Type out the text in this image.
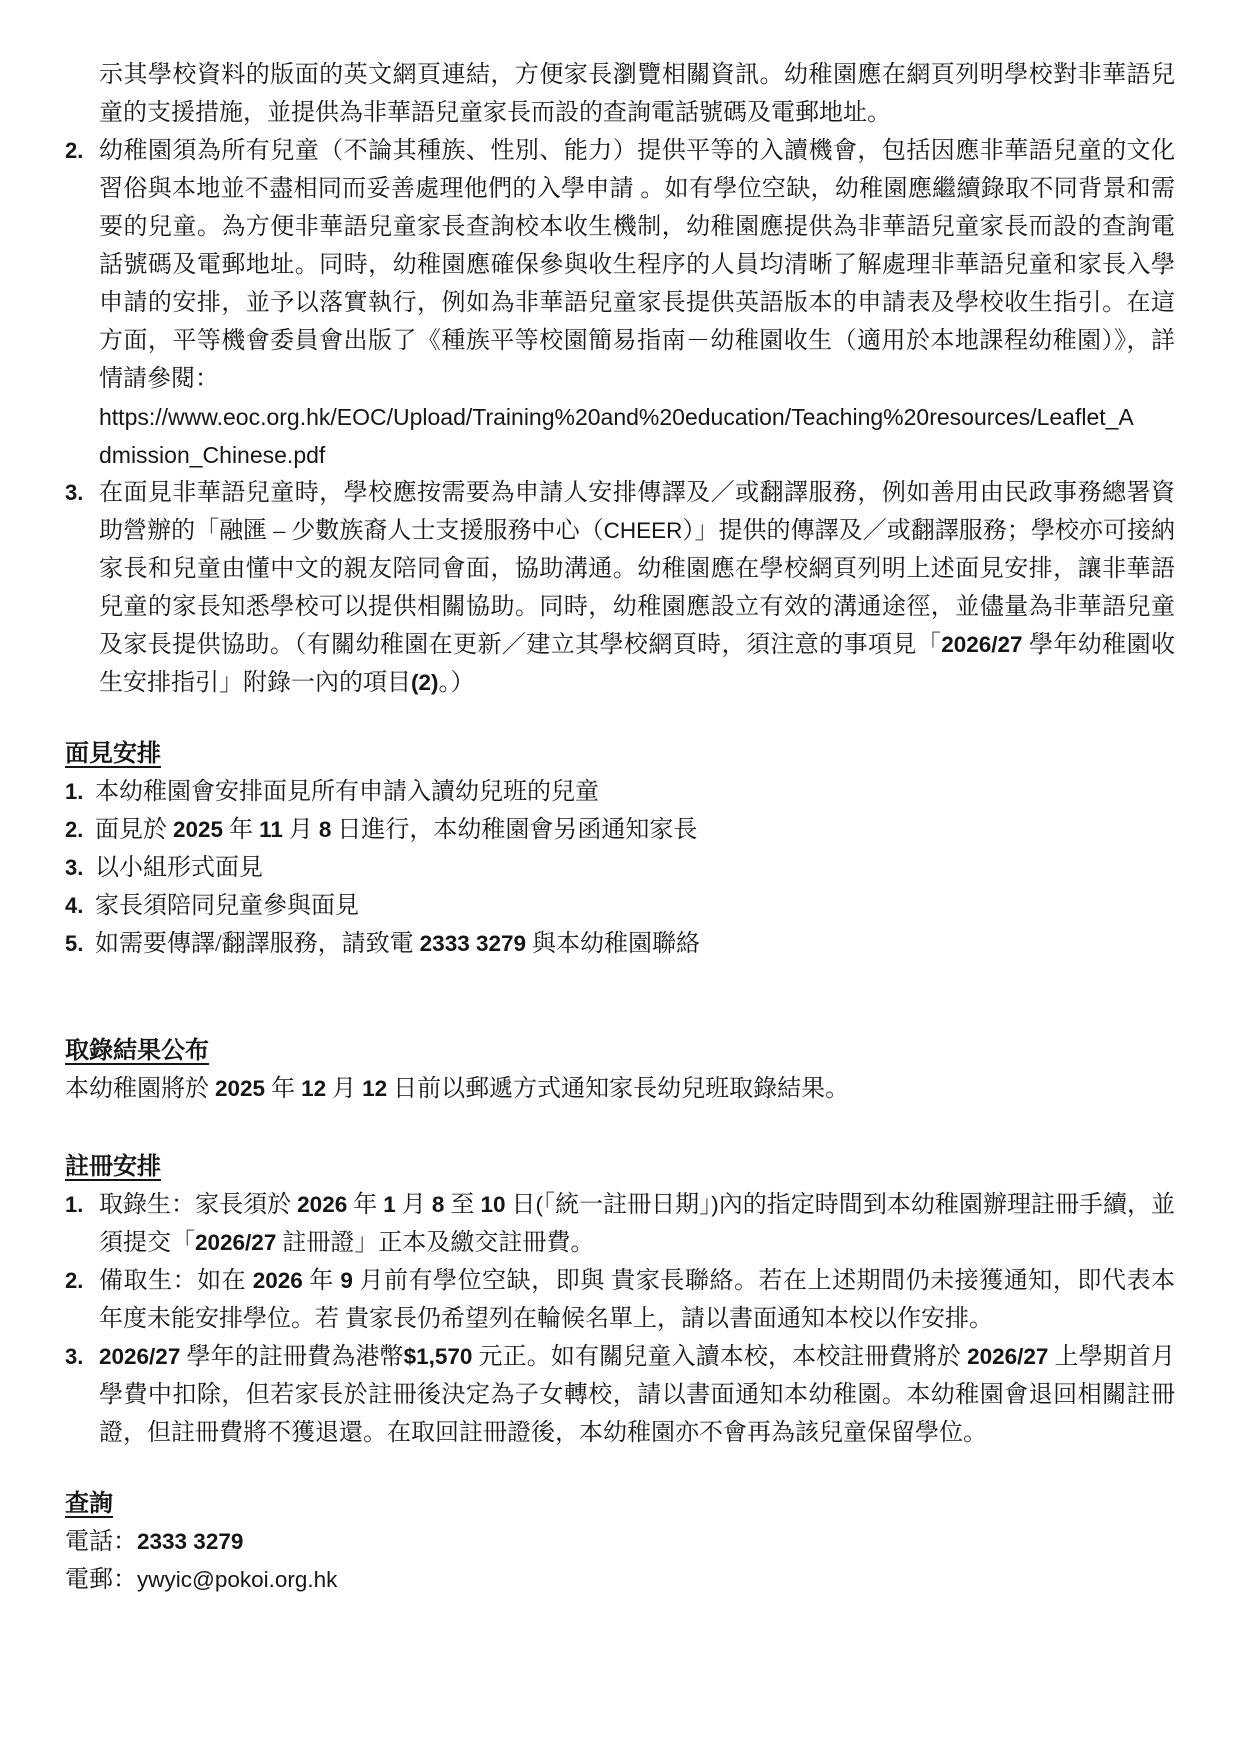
示其學校資料的版面的英文網頁連結，方便家長瀏覽相關資訊。幼稚園應在網頁列明學校對非華語兒童的支援措施，並提供為非華語兒童家長而設的查詢電話號碼及電郵地址。
2. 幼稚園須為所有兒童（不論其種族、性別、能力）提供平等的入讀機會，包括因應非華語兒童的文化習俗與本地並不盡相同而妥善處理他們的入學申請 。如有學位空缺，幼稚園應繼續錄取不同背景和需要的兒童。為方便非華語兒童家長查詢校本收生機制，幼稚園應提供為非華語兒童家長而設的查詢電話號碼及電郵地址。同時，幼稚園應確保參與收生程序的人員均清晰了解處理非華語兒童和家長入學申請的安排，並予以落實執行，例如為非華語兒童家長提供英語版本的申請表及學校收生指引。在這方面，平等機會委員會出版了《種族平等校園簡易指南－幼稚園收生（適用於本地課程幼稚園）》，詳情請參閱：
https://www.eoc.org.hk/EOC/Upload/Training%20and%20education/Teaching%20resources/Leaflet_A
dmission_Chinese.pdf
3. 在面見非華語兒童時，學校應按需要為申請人安排傳譯及／或翻譯服務，例如善用由民政事務總署資助營辦的「融匯 – 少數族裔人士支援服務中心（CHEER）」提供的傳譯及／或翻譯服務；學校亦可接納家長和兒童由懂中文的親友陪同會面，協助溝通。幼稚園應在學校網頁列明上述面見安排，讓非華語兒童的家長知悉學校可以提供相關協助。同時，幼稚園應設立有效的溝通途徑，並儘量為非華語兒童及家長提供協助。（有關幼稚園在更新／建立其學校網頁時，須注意的事項見「2026/27 學年幼稚園收生安排指引」附錄一內的項目(2)。）
面見安排
1. 本幼稚園會安排面見所有申請入讀幼兒班的兒童
2. 面見於 2025 年 11 月 8 日進行，本幼稚園會另函通知家長
3. 以小組形式面見
4. 家長須陪同兒童參與面見
5. 如需要傳譯/翻譯服務，請致電 2333 3279 與本幼稚園聯絡
取錄結果公布
本幼稚園將於 2025 年 12 月 12 日前以郵遞方式通知家長幼兒班取錄結果。
註冊安排
1. 取錄生：家長須於 2026 年 1 月 8 至 10 日(「統一註冊日期」)內的指定時間到本幼稚園辦理註冊手續，並須提交「2026/27 註冊證」正本及繳交註冊費。
2. 備取生：如在 2026 年 9 月前有學位空缺，即與 貴家長聯絡。若在上述期間仍未接獲通知，即代表本年度未能安排學位。若 貴家長仍希望列在輪候名單上，請以書面通知本校以作安排。
3. 2026/27 學年的註冊費為港幣$1,570 元正。如有關兒童入讀本校，本校註冊費將於 2026/27 上學期首月學費中扣除，但若家長於註冊後決定為子女轉校，請以書面通知本幼稚園。本幼稚園會退回相關註冊證，但註冊費將不獲退還。在取回註冊證後，本幼稚園亦不會再為該兒童保留學位。
查詢
電話：2333 3279
電郵：ywyic@pokoi.org.hk
